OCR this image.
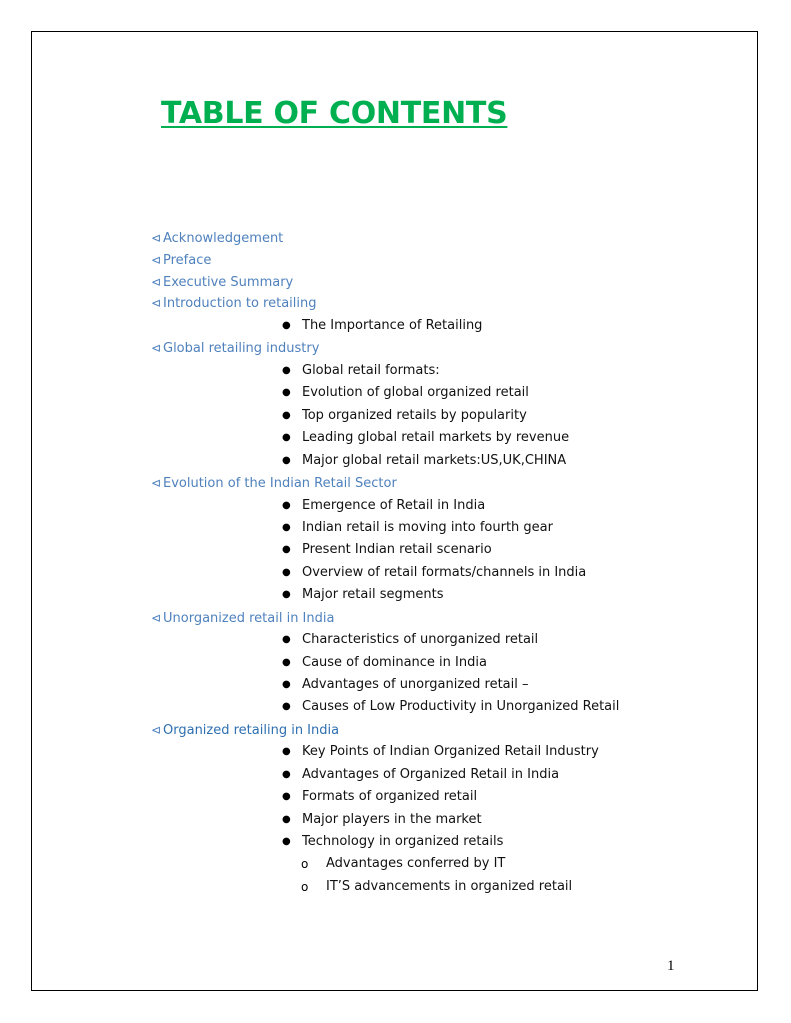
TABLE OF CONTENTS
⊲ Acknowledgement
⊲ Preface
⊲ Executive Summary
⊲ Introduction to retailing
● The Importance of Retailing
⊲ Global retailing industry
● Global retail formats:
● Evolution of global organized retail
● Top organized retails by popularity
● Leading global retail markets by revenue
● Major global retail markets:US,UK,CHINA
⊲ Evolution of the Indian Retail Sector
● Emergence of Retail in India
● Indian retail is moving into fourth gear
● Present Indian retail scenario
● Overview of retail formats/channels in India
● Major retail segments
⊲ Unorganized retail in India
● Characteristics of unorganized retail
● Cause of dominance in India
● Advantages of unorganized retail –
● Causes of Low Productivity in Unorganized Retail
⊲ Organized retailing in India
● Key Points of Indian Organized Retail Industry
● Advantages of Organized Retail in India
● Formats of organized retail
● Major players in the market
● Technology in organized retails
o Advantages conferred by IT
o IT’S advancements in organized retail
1
